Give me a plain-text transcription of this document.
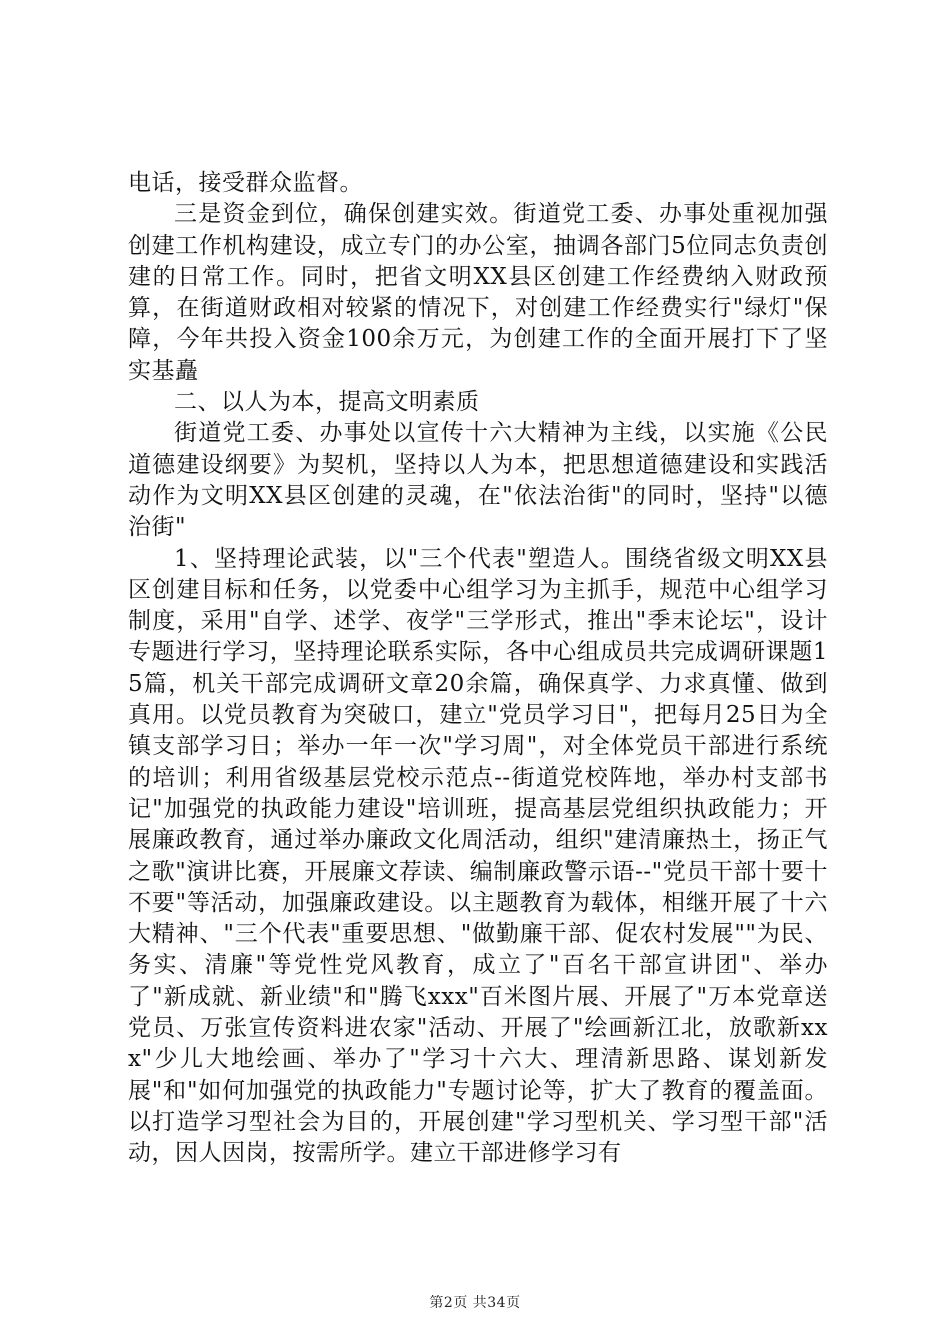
电话，接受群众监督。

三是资金到位，确保创建实效。街道党工委、办事处重视加强创建工作机构建设，成立专门的办公室，抽调各部门5位同志负责创建的日常工作。同时，把省文明XX县区创建工作经费纳入财政预算，在街道财政相对较紧的情况下，对创建工作经费实行"绿灯"保障，今年共投入资金100余万元，为创建工作的全面开展打下了坚实基矗

二、以人为本，提高文明素质

街道党工委、办事处以宣传十六大精神为主线，以实施《公民道德建设纲要》为契机，坚持以人为本，把思想道德建设和实践活动作为文明XX县区创建的灵魂，在"依法治街"的同时，坚持"以德治街"

1、坚持理论武装，以"三个代表"塑造人。围绕省级文明XX县区创建目标和任务，以党委中心组学习为主抓手，规范中心组学习制度，采用"自学、述学、夜学"三学形式，推出"季末论坛"，设计专题进行学习，坚持理论联系实际，各中心组成员共完成调研课题15篇，机关干部完成调研文章20余篇，确保真学、力求真懂、做到真用。以党员教育为突破口，建立"党员学习日"，把每月25日为全镇支部学习日；举办一年一次"学习周"，对全体党员干部进行系统的培训；利用省级基层党校示范点--街道党校阵地，举办村支部书记"加强党的执政能力建设"培训班，提高基层党组织执政能力；开展廉政教育，通过举办廉政文化周活动，组织"建清廉热土，扬正气之歌"演讲比赛，开展廉文荐读、编制廉政警示语--"党员干部十要十不要"等活动，加强廉政建设。以主题教育为载体，相继开展了十六大精神、"三个代表"重要思想、"做勤廉干部、促农村发展""为民、务实、清廉"等党性党风教育，成立了"百名干部宣讲团"、举办了"新成就、新业绩"和"腾飞xxx"百米图片展、开展了"万本党章送党员、万张宣传资料进农家"活动、开展了"绘画新江北，放歌新xxx"少儿大地绘画、举办了"学习十六大、理清新思路、谋划新发展"和"如何加强党的执政能力"专题讨论等，扩大了教育的覆盖面。以打造学习型社会为目的，开展创建"学习型机关、学习型干部"活动，因人因岗，按需所学。建立干部进修学习有

第2页 共34页
